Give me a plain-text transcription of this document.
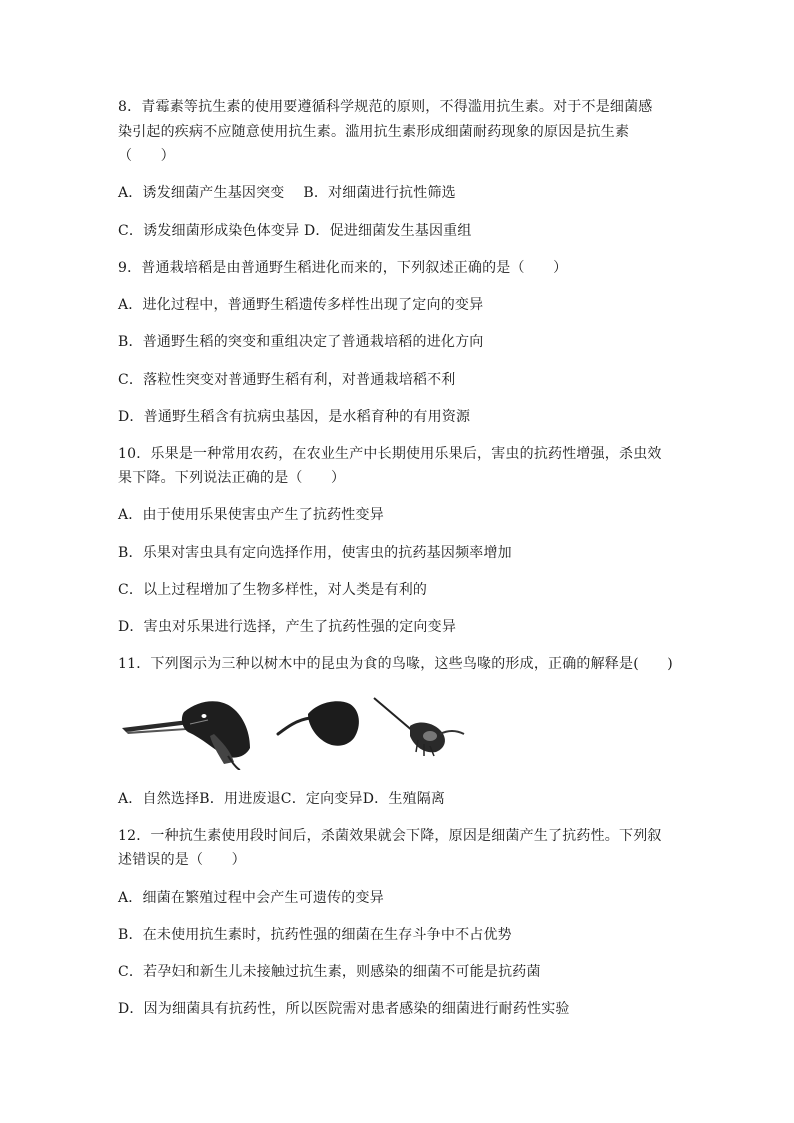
8．青霉素等抗生素的使用要遵循科学规范的原则，不得滥用抗生素。对于不是细菌感
染引起的疾病不应随意使用抗生素。滥用抗生素形成细菌耐药现象的原因是抗生素
（　　）
A．诱发细菌产生基因突变　 B．对细菌进行抗性筛选
C．诱发细菌形成染色体变异 D．促进细菌发生基因重组
9．普通栽培稻是由普通野生稻进化而来的，下列叙述正确的是（　　）
A．进化过程中，普通野生稻遗传多样性出现了定向的变异
B．普通野生稻的突变和重组决定了普通栽培稻的进化方向
C．落粒性突变对普通野生稻有利，对普通栽培稻不利
D．普通野生稻含有抗病虫基因，是水稻育种的有用资源
10．乐果是一种常用农药，在农业生产中长期使用乐果后，害虫的抗药性增强，杀虫效
果下降。下列说法正确的是（　　）
A．由于使用乐果使害虫产生了抗药性变异
B．乐果对害虫具有定向选择作用，使害虫的抗药基因频率增加
C．以上过程增加了生物多样性，对人类是有利的
D．害虫对乐果进行选择，产生了抗药性强的定向变异
11．下列图示为三种以树木中的昆虫为食的鸟喙，这些鸟喙的形成，正确的解释是(　　)
A．自然选择B．用进废退C．定向变异D．生殖隔离
12．一种抗生素使用段时间后，杀菌效果就会下降，原因是细菌产生了抗药性。下列叙
述错误的是（　　）
A．细菌在繁殖过程中会产生可遗传的变异
B．在未使用抗生素时，抗药性强的细菌在生存斗争中不占优势
C．若孕妇和新生儿未接触过抗生素，则感染的细菌不可能是抗药菌
D．因为细菌具有抗药性，所以医院需对患者感染的细菌进行耐药性实验
